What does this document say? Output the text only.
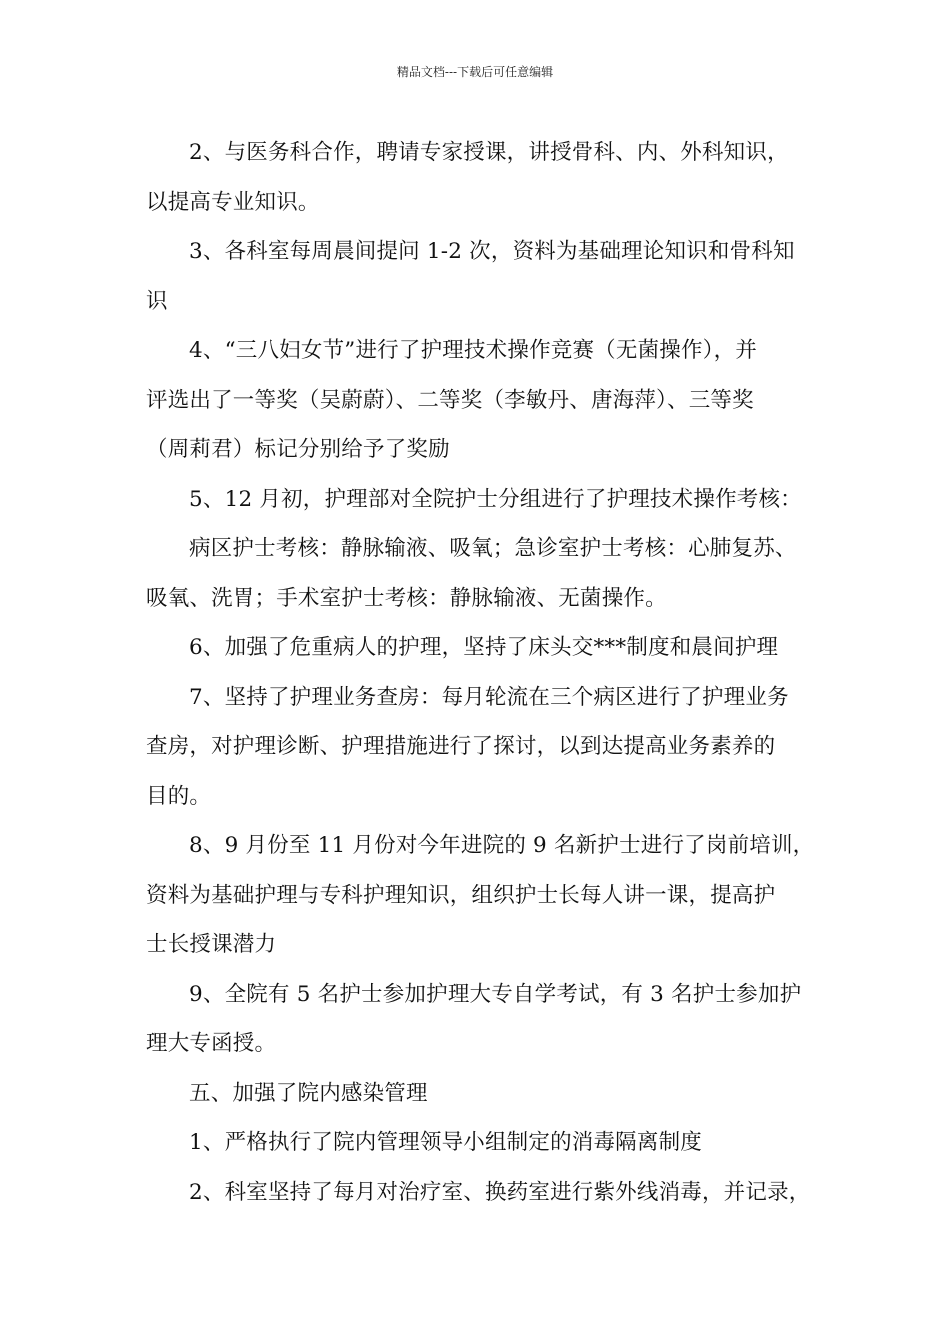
精品文档---下载后可任意编辑
2、与医务科合作，聘请专家授课，讲授骨科、内、外科知识，
以提高专业知识。
3、各科室每周晨间提问 1-2 次，资料为基础理论知识和骨科知
识
4、“三八妇女节”进行了护理技术操作竞赛（无菌操作），并
评选出了一等奖（吴蔚蔚）、二等奖（李敏丹、唐海萍）、三等奖
（周莉君）标记分别给予了奖励
5、12 月初，护理部对全院护士分组进行了护理技术操作考核：
病区护士考核：静脉输液、吸氧；急诊室护士考核：心肺复苏、
吸氧、洗胃；手术室护士考核：静脉输液、无菌操作。
6、加强了危重病人的护理，坚持了床头交***制度和晨间护理
7、坚持了护理业务查房：每月轮流在三个病区进行了护理业务
查房，对护理诊断、护理措施进行了探讨，以到达提高业务素养的
目的。
8、9 月份至 11 月份对今年进院的 9 名新护士进行了岗前培训，
资料为基础护理与专科护理知识，组织护士长每人讲一课，提高护
士长授课潜力
9、全院有 5 名护士参加护理大专自学考试，有 3 名护士参加护
理大专函授。
五、加强了院内感染管理
1、严格执行了院内管理领导小组制定的消毒隔离制度
2、科室坚持了每月对治疗室、换药室进行紫外线消毒，并记录，
